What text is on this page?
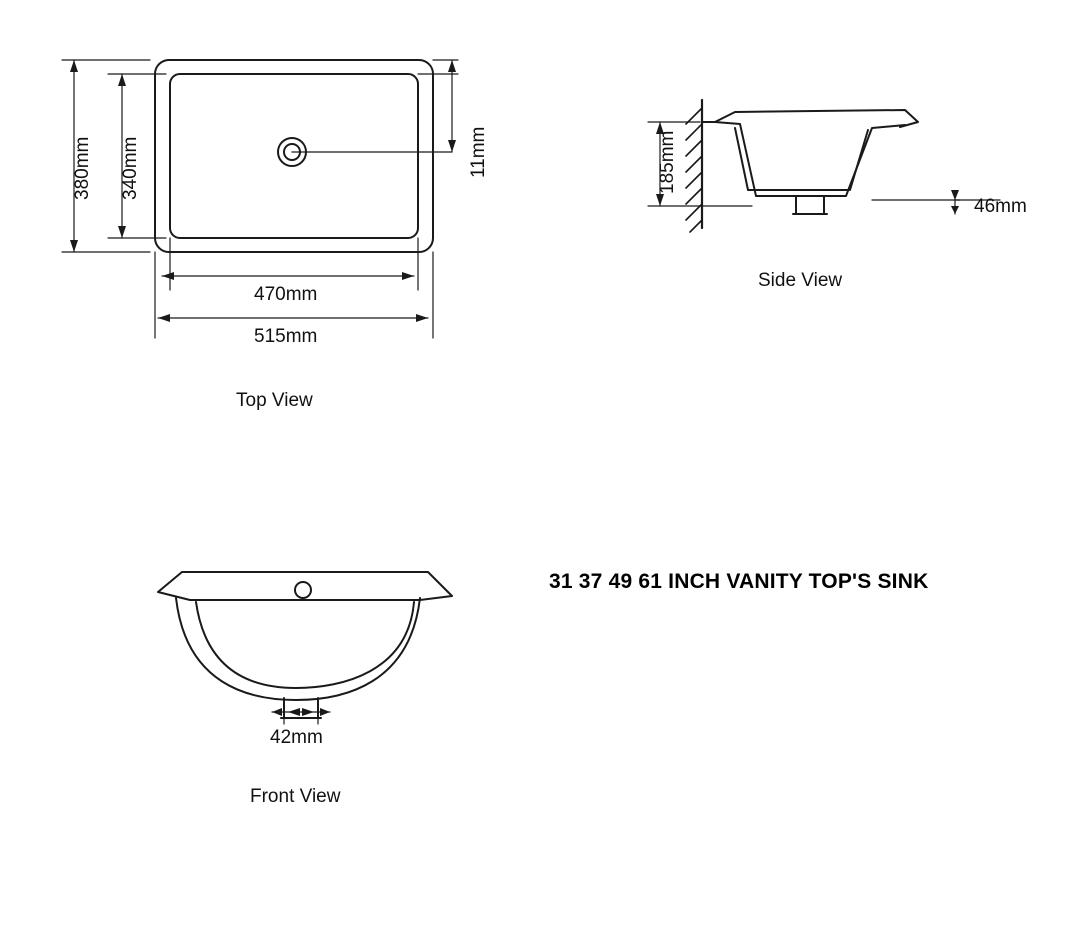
380mm 340mm	11mm
470mm
515mm
Top View
185mm
46mm
Side View
42mm
Front View
31 37 49 61 INCH VANITY TOP'S SINK
